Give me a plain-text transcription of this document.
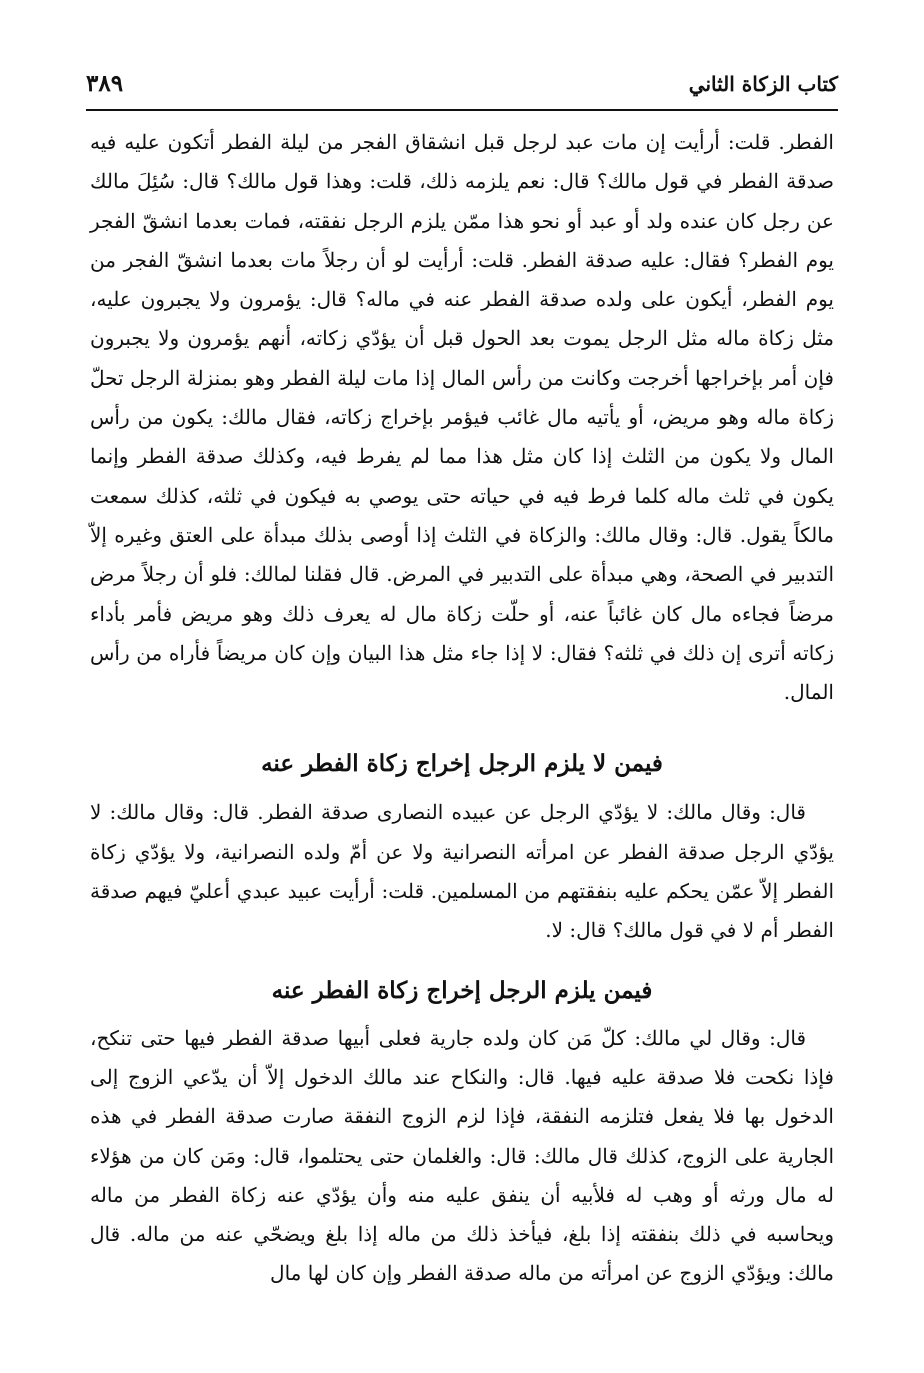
كتاب الزكاة الثاني
٣٨٩

الفطر. قلت: أرأيت إن مات عبد لرجل قبل انشقاق الفجر من ليلة الفطر أتكون عليه فيه صدقة الفطر في قول مالك؟ قال: نعم يلزمه ذلك، قلت: وهذا قول مالك؟ قال: سُئِلَ مالك عن رجل كان عنده ولد أو عبد أو نحو هذا ممّن يلزم الرجل نفقته، فمات بعدما انشقّ الفجر يوم الفطر؟ فقال: عليه صدقة الفطر. قلت: أرأيت لو أن رجلاً مات بعدما انشقّ الفجر من يوم الفطر، أيكون على ولده صدقة الفطر عنه في ماله؟ قال: يؤمرون ولا يجبرون عليه، مثل زكاة ماله مثل الرجل يموت بعد الحول قبل أن يؤدّي زكاته، أنهم يؤمرون ولا يجبرون فإن أمر بإخراجها أخرجت وكانت من رأس المال إذا مات ليلة الفطر وهو بمنزلة الرجل تحلّ زكاة ماله وهو مريض، أو يأتيه مال غائب فيؤمر بإخراج زكاته، فقال مالك: يكون من رأس المال ولا يكون من الثلث إذا كان مثل هذا مما لم يفرط فيه، وكذلك صدقة الفطر وإنما يكون في ثلث ماله كلما فرط فيه في حياته حتى يوصي به فيكون في ثلثه، كذلك سمعت مالكاً يقول. قال: وقال مالك: والزكاة في الثلث إذا أوصى بذلك مبدأة على العتق وغيره إلاّ التدبير في الصحة، وهي مبدأة على التدبير في المرض. قال فقلنا لمالك: فلو أن رجلاً مرض مرضاً فجاءه مال كان غائباً عنه، أو حلّت زكاة مال له يعرف ذلك وهو مريض فأمر بأداء زكاته أترى إن ذلك في ثلثه؟ فقال: لا إذا جاء مثل هذا البيان وإن كان مريضاً فأراه من رأس المال.

فيمن لا يلزم الرجل إخراج زكاة الفطر عنه

قال: وقال مالك: لا يؤدّي الرجل عن عبيده النصارى صدقة الفطر. قال: وقال مالك: لا يؤدّي الرجل صدقة الفطر عن امرأته النصرانية ولا عن أمّ ولده النصرانية، ولا يؤدّي زكاة الفطر إلاّ عمّن يحكم عليه بنفقتهم من المسلمين. قلت: أرأيت عبيد عبدي أعليّ فيهم صدقة الفطر أم لا في قول مالك؟ قال: لا.

فيمن يلزم الرجل إخراج زكاة الفطر عنه

قال: وقال لي مالك: كلّ مَن كان ولده جارية فعلى أبيها صدقة الفطر فيها حتى تنكح، فإذا نكحت فلا صدقة عليه فيها. قال: والنكاح عند مالك الدخول إلاّ أن يدّعي الزوج إلى الدخول بها فلا يفعل فتلزمه النفقة، فإذا لزم الزوج النفقة صارت صدقة الفطر في هذه الجارية على الزوج، كذلك قال مالك: قال: والغلمان حتى يحتلموا، قال: ومَن كان من هؤلاء له مال ورثه أو وهب له فلأبيه أن ينفق عليه منه وأن يؤدّي عنه زكاة الفطر من ماله ويحاسبه في ذلك بنفقته إذا بلغ، فيأخذ ذلك من ماله إذا بلغ ويضحّي عنه من ماله. قال مالك: ويؤدّي الزوج عن امرأته من ماله صدقة الفطر وإن كان لها مال
